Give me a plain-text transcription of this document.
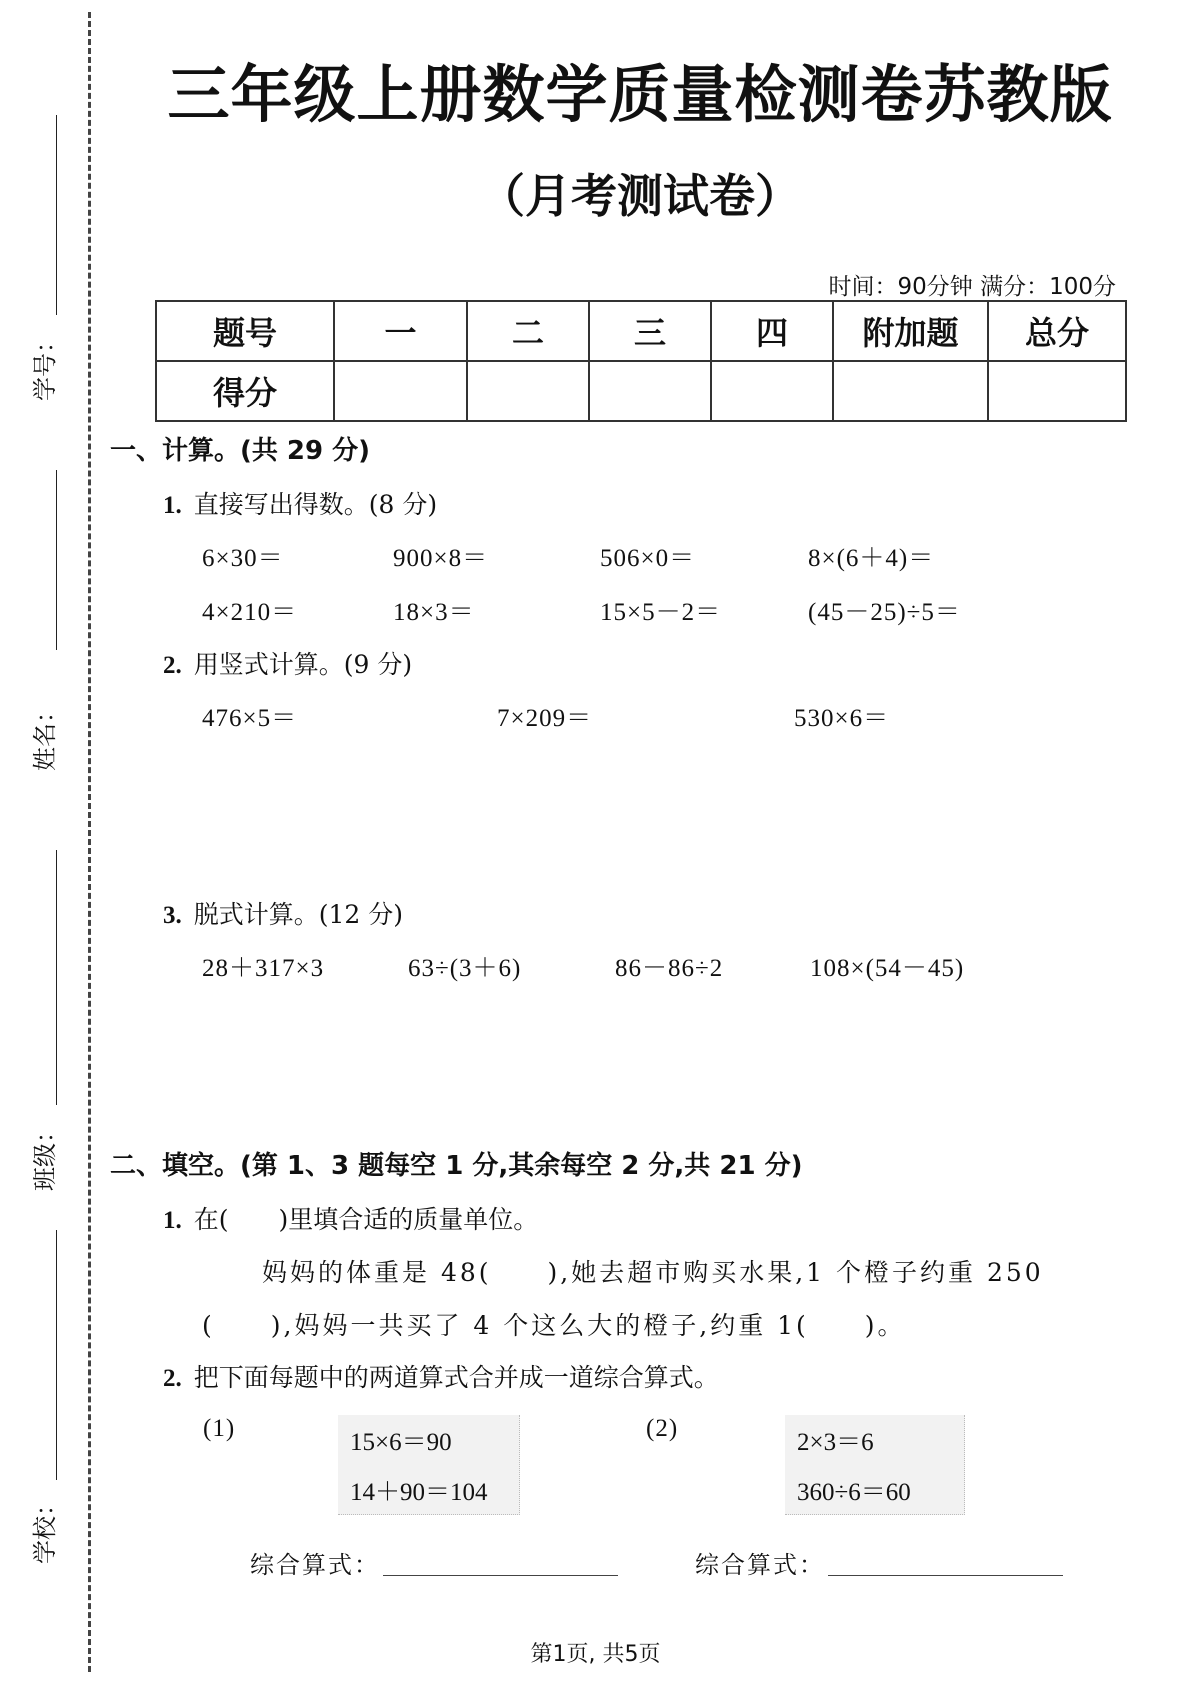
学号：
姓名：
班级：
学校：
三年级上册数学质量检测卷苏教版
（月考测试卷）
时间：90分钟 满分：100分
题号	一	二	三	四	附加题	总分
得分						
一、计算。(共 29 分)
1. 直接写出得数。(8 分)
6×30＝	900×8＝	506×0＝	8×(6＋4)＝
4×210＝	18×3＝	15×5－2＝	(45－25)÷5＝
2. 用竖式计算。(9 分)
476×5＝	7×209＝	530×6＝
3. 脱式计算。(12 分)
28＋317×3	63÷(3＋6)	86－86÷2	108×(54－45)
二、填空。(第 1、3 题每空 1 分,其余每空 2 分,共 21 分)
1. 在(　　)里填合适的质量单位。
妈妈的体重是 48(　　),她去超市购买水果,1 个橙子约重 250
(　　),妈妈一共买了 4 个这么大的橙子,约重 1(　　)。
2. 把下面每题中的两道算式合并成一道综合算式。
(1)
15×6＝90
14＋90＝104
(2)
2×3＝6
360÷6＝60
综合算式：	综合算式：
第1页, 共5页
